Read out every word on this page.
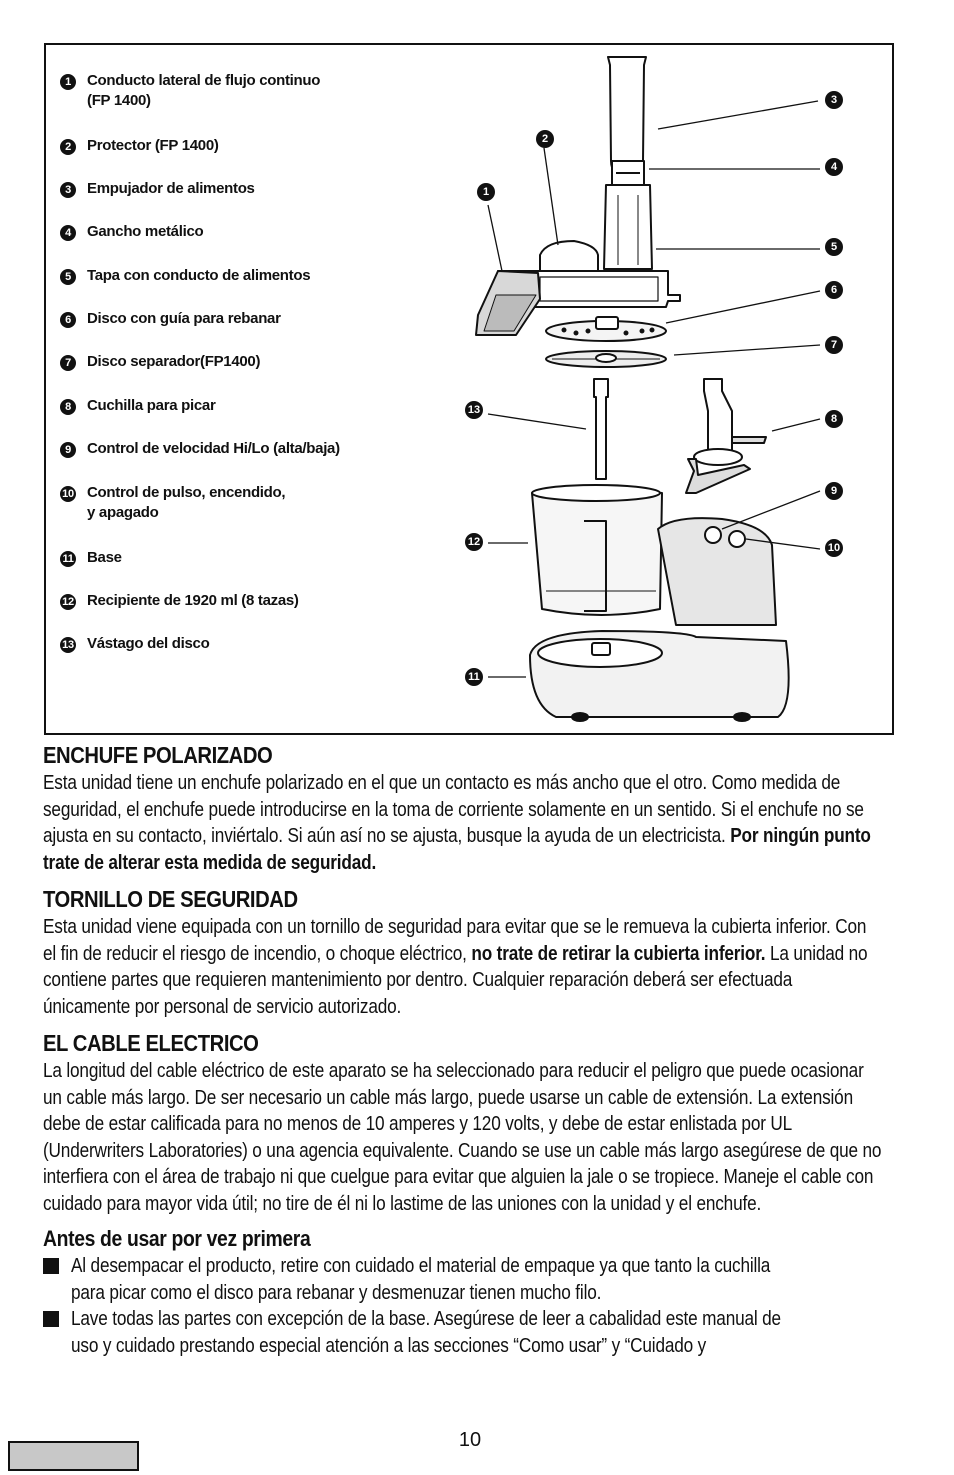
1	Conducto lateral de flujo continuo
(FP 1400)
2	Protector (FP 1400)
3	Empujador de alimentos
4	Gancho metálico
5	Tapa con conducto de alimentos
6	Disco con guía para rebanar
7	Disco separador(FP1400)
8	Cuchilla para picar
9	Control de velocidad Hi/Lo (alta/baja)
10 Control de pulso, encendido,
y apagado
11 Base
12 Recipiente de 1920 ml (8 tazas)
13 Vástago del disco
2
1
3
4
5
6
7
8
9
10
13
12
11
ENCHUFE POLARIZADO

Esta unidad tiene un enchufe polarizado en el que un contacto es más ancho que el otro. Como medida de seguridad, el enchufe puede introducirse en la toma de corriente solamente en un sentido. Si el enchufe no se ajusta en su contacto, inviértalo. Si aún así no se ajusta, busque la ayuda de un electricista. Por ningún punto trate de alterar esta medida de seguridad.

TORNILLO DE SEGURIDAD

Esta unidad viene equipada con un tornillo de seguridad para evitar que se le remueva la cubierta inferior. Con el fin de reducir el riesgo de incendio, o choque eléctrico, no trate de retirar la cubierta inferior. La unidad no contiene partes que requieren mantenimiento por dentro. Cualquier reparación deberá ser efectuada únicamente por personal de servicio autorizado.

EL CABLE ELECTRICO

La longitud del cable eléctrico de este aparato se ha seleccionado para reducir el peligro que puede ocasionar un cable más largo. De ser necesario un cable más largo, puede usarse un cable de extensión. La extensión debe de estar calificada para no menos de 10 amperes y 120 volts, y debe de estar enlistada por UL (Underwriters Laboratories) o una agencia equivalente. Cuando se use un cable más largo asegúrese de que no interfiera con el área de trabajo ni que cuelgue para evitar que alguien la jale o se tropiece. Maneje el cable con cuidado para mayor vida útil; no tire de él ni lo lastime de las uniones con la unidad y el enchufe.

Antes de usar por vez primera

Al desempacar el producto, retire con cuidado el material de empaque ya que tanto la cuchilla para picar como el disco para rebanar y desmenuzar tienen mucho filo.

Lave todas las partes con excepción de la base. Asegúrese de leer a cabalidad este manual de uso y cuidado prestando especial atención a las secciones “Como usar” y “Cuidado y

10
